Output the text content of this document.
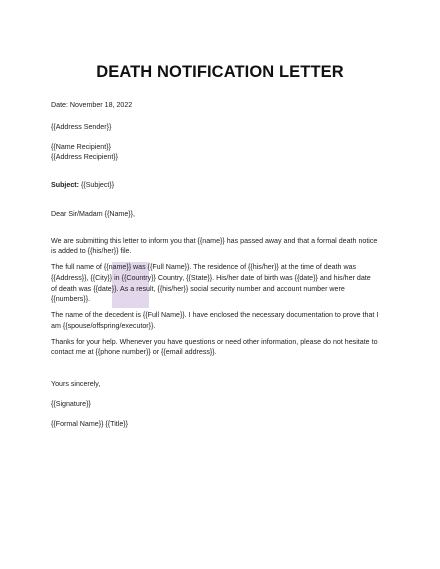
DEATH NOTIFICATION LETTER
Date: November 18, 2022
{{Address Sender}}
{{Name Recipient}}
{{Address Recipient}}
Subject: {{Subject}}
Dear Sir/Madam {{Name}},
We are submitting this letter to inform you that {{name}} has passed away and that a formal death notice
is added to {{his/her}} file.
The full name of {{name}} was {{Full Name}}. The residence of {{his/her}} at the time of death was
{{Address}}, {{City}} in {{Country}} Country, {{State}}. His/her date of birth was {{date}} and his/her date
of death was {{date}}. As a result, {{his/her}} social security number and account number were
{{numbers}}.
The name of the decedent is {{Full Name}}. I have enclosed the necessary documentation to prove that I
am {{spouse/offspring/executor}}.
Thanks for your help. Whenever you have questions or need other information, please do not hesitate to
contact me at {{phone number}} or {{email address}}.
Yours sincerely,
{{Signature}}
{{Formal Name}} {{Title}}
